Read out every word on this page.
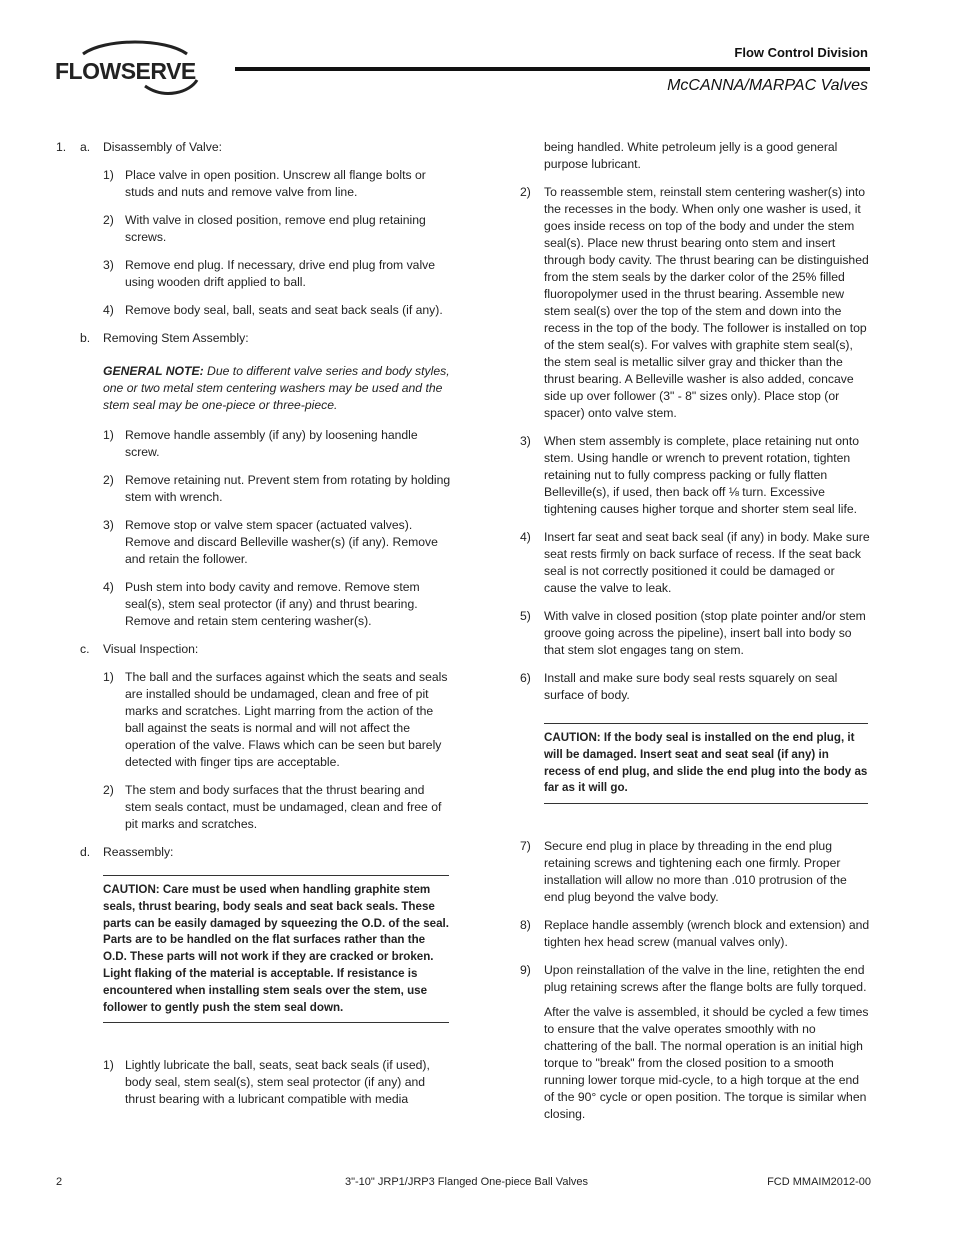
FLOWSERVE
Flow Control Division
McCANNA/MARPAC Valves
1. a. Disassembly of Valve:
1) Place valve in open position. Unscrew all flange bolts or studs and nuts and remove valve from line.
2) With valve in closed position, remove end plug retaining screws.
3) Remove end plug. If necessary, drive end plug from valve using wooden drift applied to ball.
4) Remove body seal, ball, seats and seat back seals (if any).
b. Removing Stem Assembly:
GENERAL NOTE: Due to different valve series and body styles, one or two metal stem centering washers may be used and the stem seal may be one-piece or three-piece.
1) Remove handle assembly (if any) by loosening handle screw.
2) Remove retaining nut. Prevent stem from rotating by holding stem with wrench.
3) Remove stop or valve stem spacer (actuated valves). Remove and discard Belleville washer(s) (if any). Remove and retain the follower.
4) Push stem into body cavity and remove. Remove stem seal(s), stem seal protector (if any) and thrust bearing. Remove and retain stem centering washer(s).
c. Visual Inspection:
1) The ball and the surfaces against which the seats and seals are installed should be undamaged, clean and free of pit marks and scratches. Light marring from the action of the ball against the seats is normal and will not affect the operation of the valve. Flaws which can be seen but barely detected with finger tips are acceptable.
2) The stem and body surfaces that the thrust bearing and stem seals contact, must be undamaged, clean and free of pit marks and scratches.
d. Reassembly:
CAUTION: Care must be used when handling graphite stem seals, thrust bearing, body seals and seat back seals. These parts can be easily damaged by squeezing the O.D. of the seal. Parts are to be handled on the flat surfaces rather than the O.D. These parts will not work if they are cracked or broken. Light flaking of the material is acceptable. If resistance is encountered when installing stem seals over the stem, use follower to gently push the stem seal down.
1) Lightly lubricate the ball, seats, seat back seals (if used), body seal, stem seal(s), stem seal protector (if any) and thrust bearing with a lubricant compatible with media
being handled. White petroleum jelly is a good general purpose lubricant.
2) To reassemble stem, reinstall stem centering washer(s) into the recesses in the body. When only one washer is used, it goes inside recess on top of the body and under the stem seal(s). Place new thrust bearing onto stem and insert through body cavity. The thrust bearing can be distinguished from the stem seals by the darker color of the 25% filled fluoropolymer used in the thrust bearing. Assemble new stem seal(s) over the top of the stem and down into the recess in the top of the body. The follower is installed on top of the stem seal(s). For valves with graphite stem seal(s), the stem seal is metallic silver gray and thicker than the thrust bearing. A Belleville washer is also added, concave side up over follower (3" - 8" sizes only). Place stop (or spacer) onto valve stem.
3) When stem assembly is complete, place retaining nut onto stem. Using handle or wrench to prevent rotation, tighten retaining nut to fully compress packing or fully flatten Belleville(s), if used, then back off ⅛ turn. Excessive tightening causes higher torque and shorter stem seal life.
4) Insert far seat and seat back seal (if any) in body. Make sure seat rests firmly on back surface of recess. If the seat back seal is not correctly positioned it could be damaged or cause the valve to leak.
5) With valve in closed position (stop plate pointer and/or stem groove going across the pipeline), insert ball into body so that stem slot engages tang on stem.
6) Install and make sure body seal rests squarely on seal surface of body.
CAUTION: If the body seal is installed on the end plug, it will be damaged. Insert seat and seat seal (if any) in recess of end plug, and slide the end plug into the body as far as it will go.
7) Secure end plug in place by threading in the end plug retaining screws and tightening each one firmly. Proper installation will allow no more than .010 protrusion of the end plug beyond the valve body.
8) Replace handle assembly (wrench block and extension) and tighten hex head screw (manual valves only).
9) Upon reinstallation of the valve in the line, retighten the end plug retaining screws after the flange bolts are fully torqued.
After the valve is assembled, it should be cycled a few times to ensure that the valve operates smoothly with no chattering of the ball. The normal operation is an initial high torque to "break" from the closed position to a smooth running lower torque mid-cycle, to a high torque at the end of the 90° cycle or open position. The torque is similar when closing.
2	3"-10" JRP1/JRP3 Flanged One-piece Ball Valves	FCD MMAIM2012-00
